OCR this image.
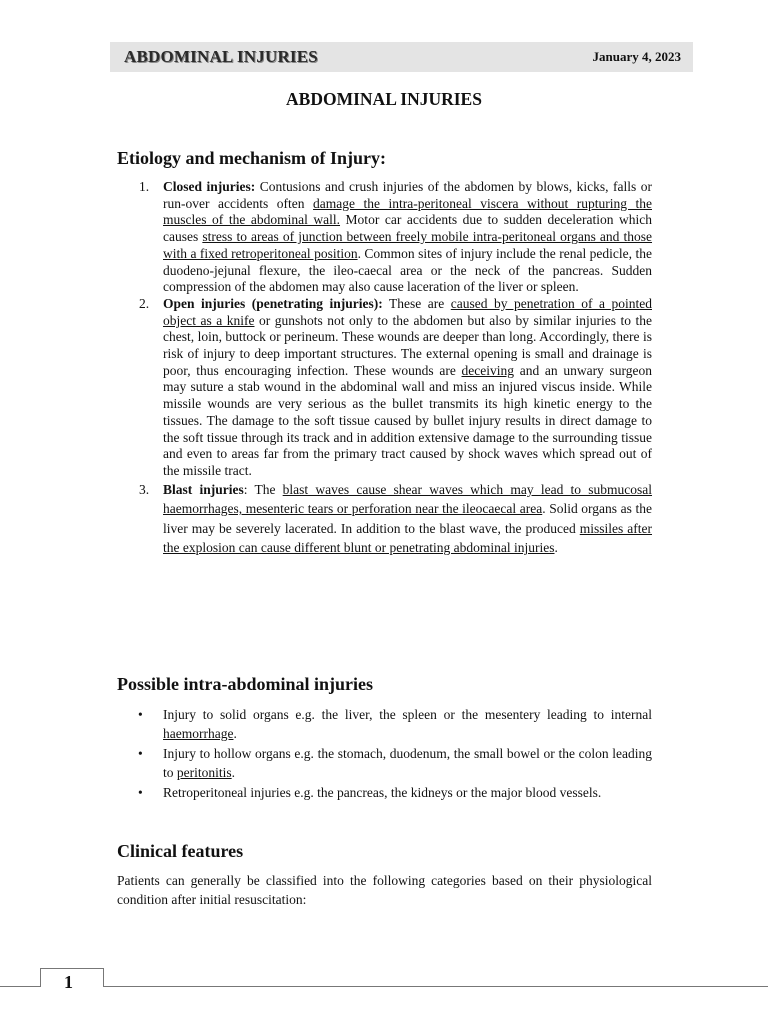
ABDOMINAL INJURIES	January 4, 2023
ABDOMINAL INJURIES
Etiology and mechanism of Injury:
1. Closed injuries: Contusions and crush injuries of the abdomen by blows, kicks, falls or run-over accidents often damage the intra-peritoneal viscera without rupturing the muscles of the abdominal wall. Motor car accidents due to sudden deceleration which causes stress to areas of junction between freely mobile intra-peritoneal organs and those with a fixed retroperitoneal position. Common sites of injury include the renal pedicle, the duodeno-jejunal flexure, the ileo-caecal area or the neck of the pancreas. Sudden compression of the abdomen may also cause laceration of the liver or spleen.
2. Open injuries (penetrating injuries): These are caused by penetration of a pointed object as a knife or gunshots not only to the abdomen but also by similar injuries to the chest, loin, buttock or perineum. These wounds are deeper than long. Accordingly, there is risk of injury to deep important structures. The external opening is small and drainage is poor, thus encouraging infection. These wounds are deceiving and an unwary surgeon may suture a stab wound in the abdominal wall and miss an injured viscus inside. While missile wounds are very serious as the bullet transmits its high kinetic energy to the tissues. The damage to the soft tissue caused by bullet injury results in direct damage to the soft tissue through its track and in addition extensive damage to the surrounding tissue and even to areas far from the primary tract caused by shock waves which spread out of the missile tract.
3. Blast injuries: The blast waves cause shear waves which may lead to submucosal haemorrhages, mesenteric tears or perforation near the ileocaecal area. Solid organs as the liver may be severely lacerated. In addition to the blast wave, the produced missiles after the explosion can cause different blunt or penetrating abdominal injuries.
Possible intra-abdominal injuries
• Injury to solid organs e.g. the liver, the spleen or the mesentery leading to internal haemorrhage.
• Injury to hollow organs e.g. the stomach, duodenum, the small bowel or the colon leading to peritonitis.
• Retroperitoneal injuries e.g. the pancreas, the kidneys or the major blood vessels.
Clinical features
Patients can generally be classified into the following categories based on their physiological condition after initial resuscitation:
1
